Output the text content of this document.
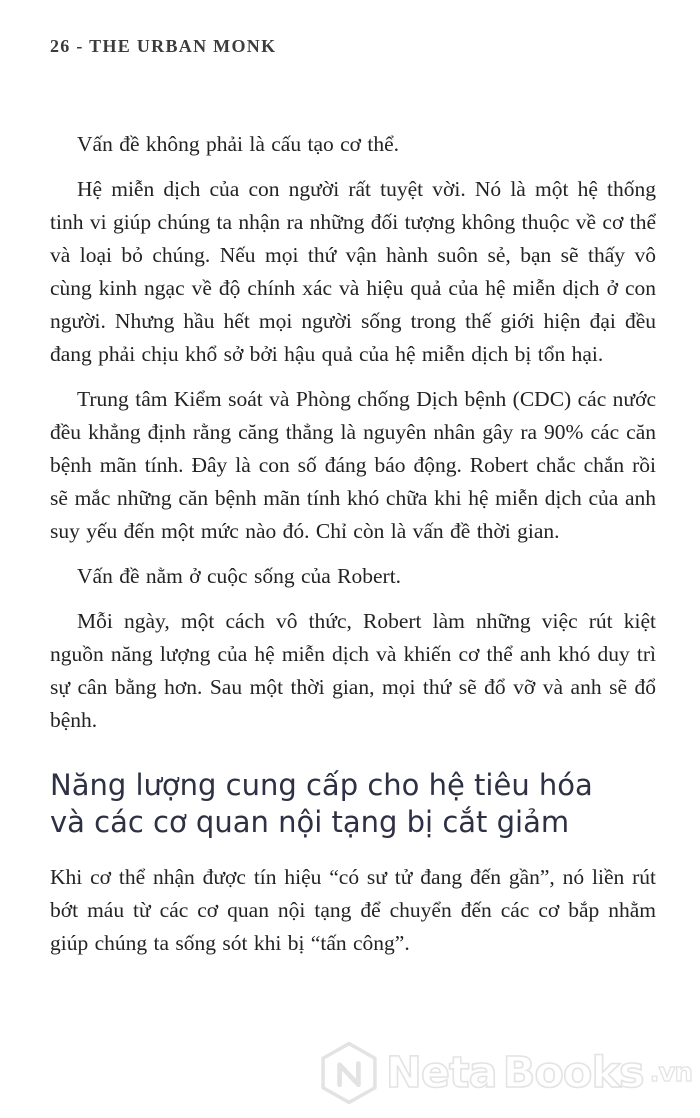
26 - THE URBAN MONK

Vấn đề không phải là cấu tạo cơ thể.

Hệ miễn dịch của con người rất tuyệt vời. Nó là một hệ thống tinh vi giúp chúng ta nhận ra những đối tượng không thuộc về cơ thể và loại bỏ chúng. Nếu mọi thứ vận hành suôn sẻ, bạn sẽ thấy vô cùng kinh ngạc về độ chính xác và hiệu quả của hệ miễn dịch ở con người. Nhưng hầu hết mọi người sống trong thế giới hiện đại đều đang phải chịu khổ sở bởi hậu quả của hệ miễn dịch bị tổn hại.

Trung tâm Kiểm soát và Phòng chống Dịch bệnh (CDC) các nước đều khẳng định rằng căng thẳng là nguyên nhân gây ra 90% các căn bệnh mãn tính. Đây là con số đáng báo động. Robert chắc chắn rồi sẽ mắc những căn bệnh mãn tính khó chữa khi hệ miễn dịch của anh suy yếu đến một mức nào đó. Chỉ còn là vấn đề thời gian.

Vấn đề nằm ở cuộc sống của Robert.

Mỗi ngày, một cách vô thức, Robert làm những việc rút kiệt nguồn năng lượng của hệ miễn dịch và khiến cơ thể anh khó duy trì sự cân bằng hơn. Sau một thời gian, mọi thứ sẽ đổ vỡ và anh sẽ đổ bệnh.

Năng lượng cung cấp cho hệ tiêu hóa
và các cơ quan nội tạng bị cắt giảm

Khi cơ thể nhận được tín hiệu “có sư tử đang đến gần”, nó liền rút bớt máu từ các cơ quan nội tạng để chuyển đến các cơ bắp nhằm giúp chúng ta sống sót khi bị “tấn công”.

Neta Books .vn
